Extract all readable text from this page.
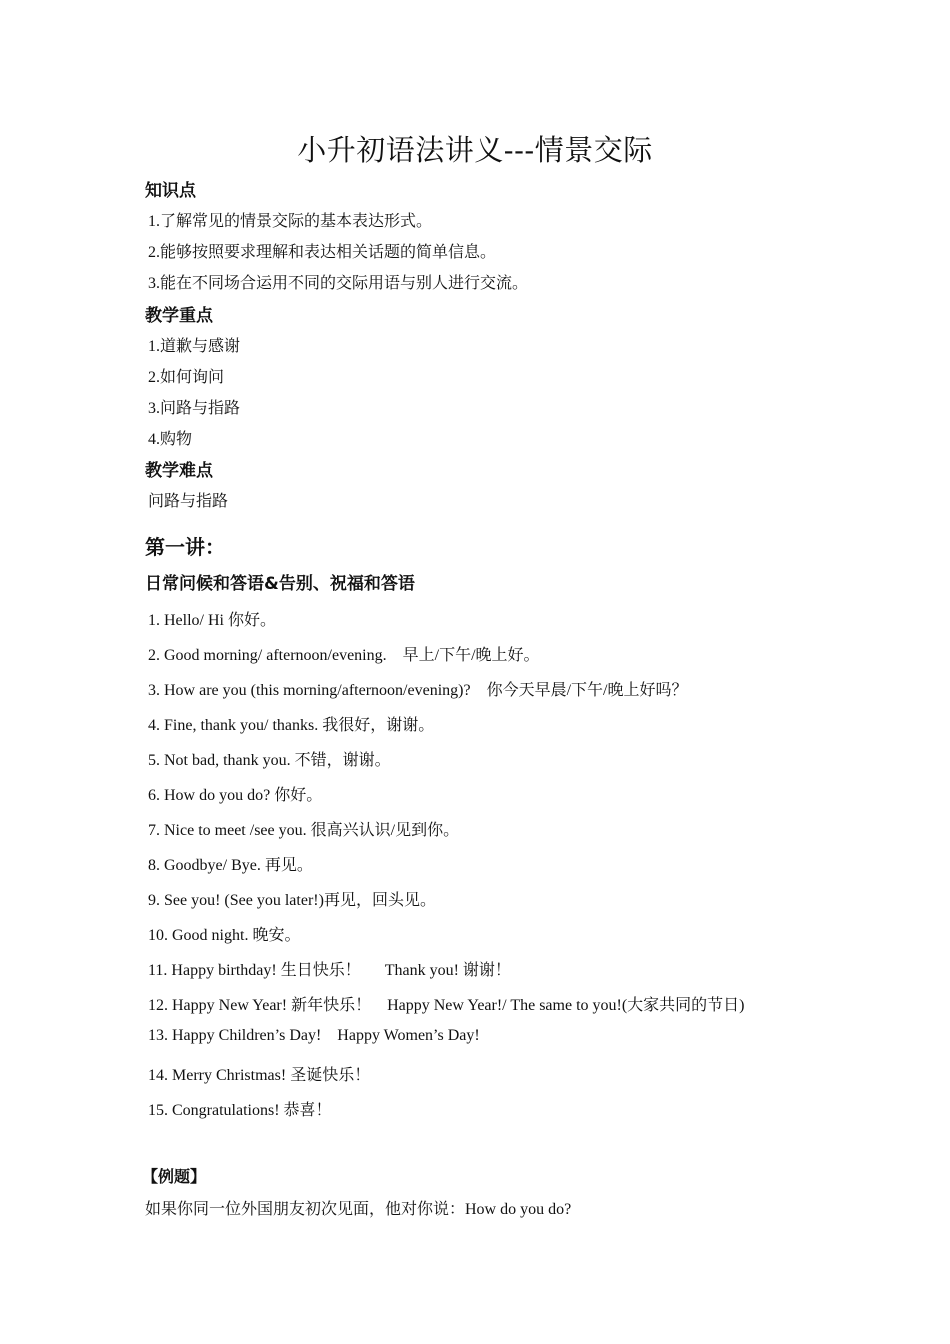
小升初语法讲义---情景交际
知识点
1.了解常见的情景交际的基本表达形式。
2.能够按照要求理解和表达相关话题的简单信息。
3.能在不同场合运用不同的交际用语与别人进行交流。
教学重点
1.道歉与感谢
2.如何询问
3.问路与指路
4.购物
教学难点
问路与指路
第一讲：
日常问候和答语&告别、祝福和答语
1. Hello/ Hi 你好。
2. Good morning/ afternoon/evening.    早上/下午/晚上好。
3. How are you (this morning/afternoon/evening)?    你今天早晨/下午/晚上好吗？
4. Fine, thank you/ thanks. 我很好，谢谢。
5. Not bad, thank you. 不错，谢谢。
6. How do you do? 你好。
7. Nice to meet /see you. 很高兴认识/见到你。
8. Goodbye/ Bye. 再见。
9. See you! (See you later!)再见，回头见。
10. Good night. 晚安。
11. Happy birthday! 生日快乐！      Thank you! 谢谢！
12. Happy New Year! 新年快乐！    Happy New Year!/ The same to you!(大家共同的节日)
13. Happy Children’s Day!    Happy Women’s Day!
14. Merry Christmas! 圣诞快乐！
15. Congratulations! 恭喜！
【例题】
如果你同一位外国朋友初次见面，他对你说：How do you do?
